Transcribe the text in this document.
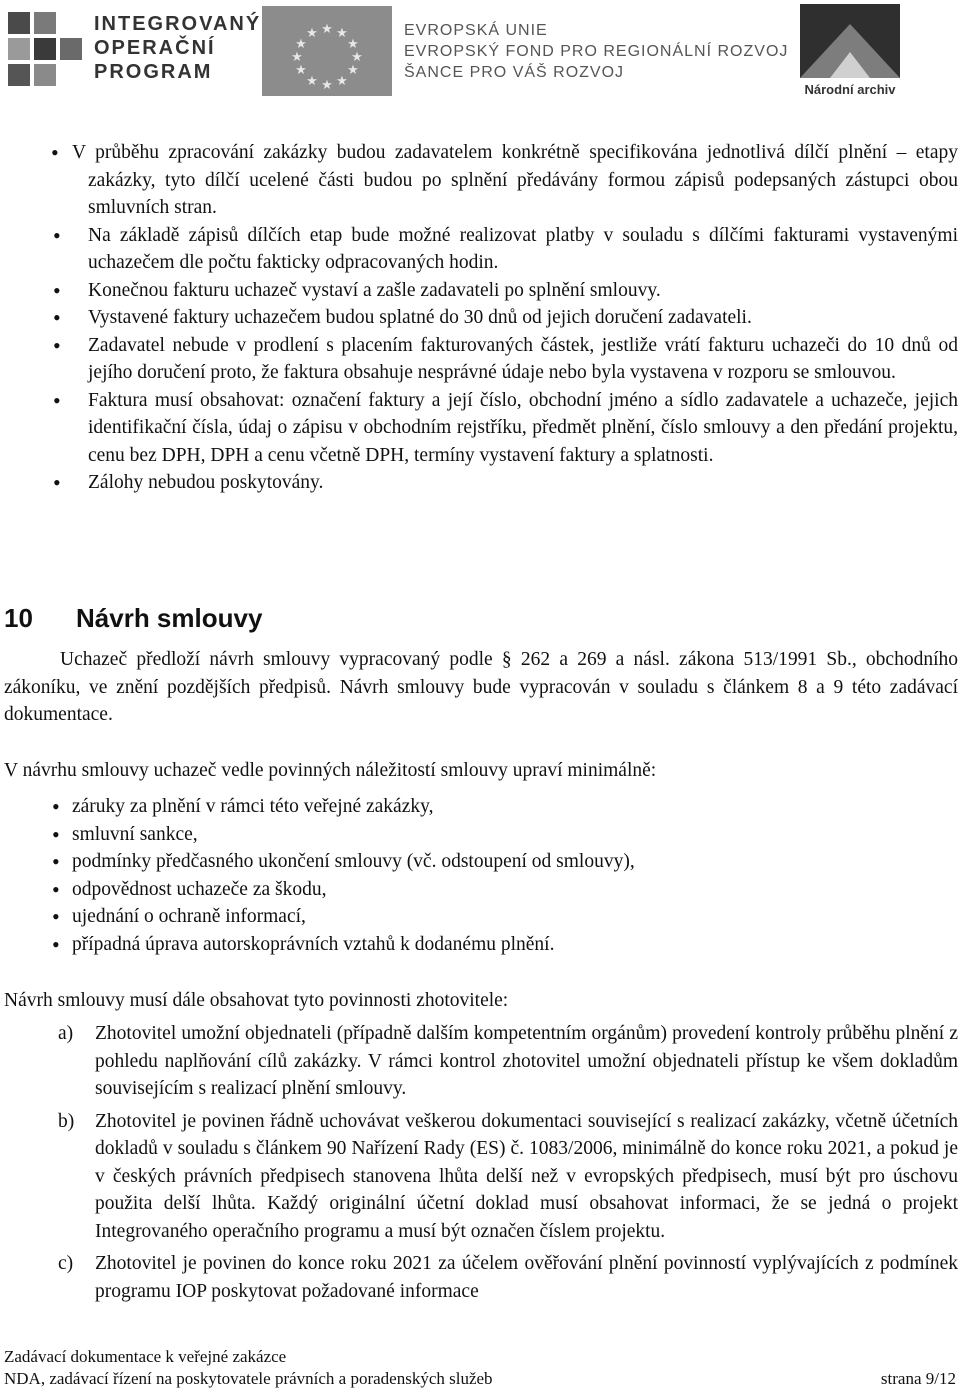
INTEGROVANÝ
OPERAČNÍ
PROGRAM
★ ★
★
★
★
★
★
★
★
★
★
★	EVROPSKÁ UNIE
EVROPSKÝ FOND PRO REGIONÁLNÍ ROZVOJ
ŠANCE PRO VÁŠ ROZVOJ
Národní archiv
• V průběhu zpracování zakázky budou zadavatelem konkrétně specifikována jednotlivá dílčí plnění – etapy zakázky, tyto dílčí ucelené části budou po splnění předávány formou zápisů podepsaných zástupci obou smluvních stran.
• Na základě zápisů dílčích etap bude možné realizovat platby v souladu s dílčími fakturami vystavenými uchazečem dle počtu fakticky odpracovaných hodin.
• Konečnou fakturu uchazeč vystaví a zašle zadavateli po splnění smlouvy.
• Vystavené faktury uchazečem budou splatné do 30 dnů od jejich doručení zadavateli.
• Zadavatel nebude v prodlení s placením fakturovaných částek, jestliže vrátí fakturu uchazeči do 10 dnů od jejího doručení proto, že faktura obsahuje nesprávné údaje nebo byla vystavena v rozporu se smlouvou.
• Faktura musí obsahovat: označení faktury a její číslo, obchodní jméno a sídlo zadavatele a uchazeče, jejich identifikační čísla, údaj o zápisu v obchodním rejstříku, předmět plnění, číslo smlouvy a den předání projektu, cenu bez DPH, DPH a cenu včetně DPH, termíny vystavení faktury a splatnosti.
• Zálohy nebudou poskytovány.
10 Návrh smlouvy

Uchazeč předloží návrh smlouvy vypracovaný podle § 262 a 269 a násl. zákona 513/1991 Sb., obchodního zákoníku, ve znění pozdějších předpisů. Návrh smlouvy bude vypracován v souladu s článkem 8 a 9 této zadávací dokumentace.

V návrhu smlouvy uchazeč vedle povinných náležitostí smlouvy upraví minimálně:

• záruky za plnění v rámci této veřejné zakázky,
• smluvní sankce,
• podmínky předčasného ukončení smlouvy (vč. odstoupení od smlouvy),
• odpovědnost uchazeče za škodu,
• ujednání o ochraně informací,
• případná úprava autorskoprávních vztahů k dodanému plnění.

Návrh smlouvy musí dále obsahovat tyto povinnosti zhotovitele:

a) Zhotovitel umožní objednateli (případně dalším kompetentním orgánům) provedení kontroly průběhu plnění z pohledu naplňování cílů zakázky. V rámci kontrol zhotovitel umožní objednateli přístup ke všem dokladům souvisejícím s realizací plnění smlouvy.
b) Zhotovitel je povinen řádně uchovávat veškerou dokumentaci související s realizací zakázky, včetně účetních dokladů v souladu s článkem 90 Nařízení Rady (ES) č. 1083/2006, minimálně do konce roku 2021, a pokud je v českých právních předpisech stanovena lhůta delší než v evropských předpisech, musí být pro úschovu použita delší lhůta. Každý originální účetní doklad musí obsahovat informaci, že se jedná o projekt Integrovaného operačního programu a musí být označen číslem projektu.
c) Zhotovitel je povinen do konce roku 2021 za účelem ověřování plnění povinností vyplývajících z podmínek programu IOP poskytovat požadované informace
Zadávací dokumentace k veřejné zakázce
NDA, zadávací řízení na poskytovatele právních a poradenských služeb	strana 9/12
